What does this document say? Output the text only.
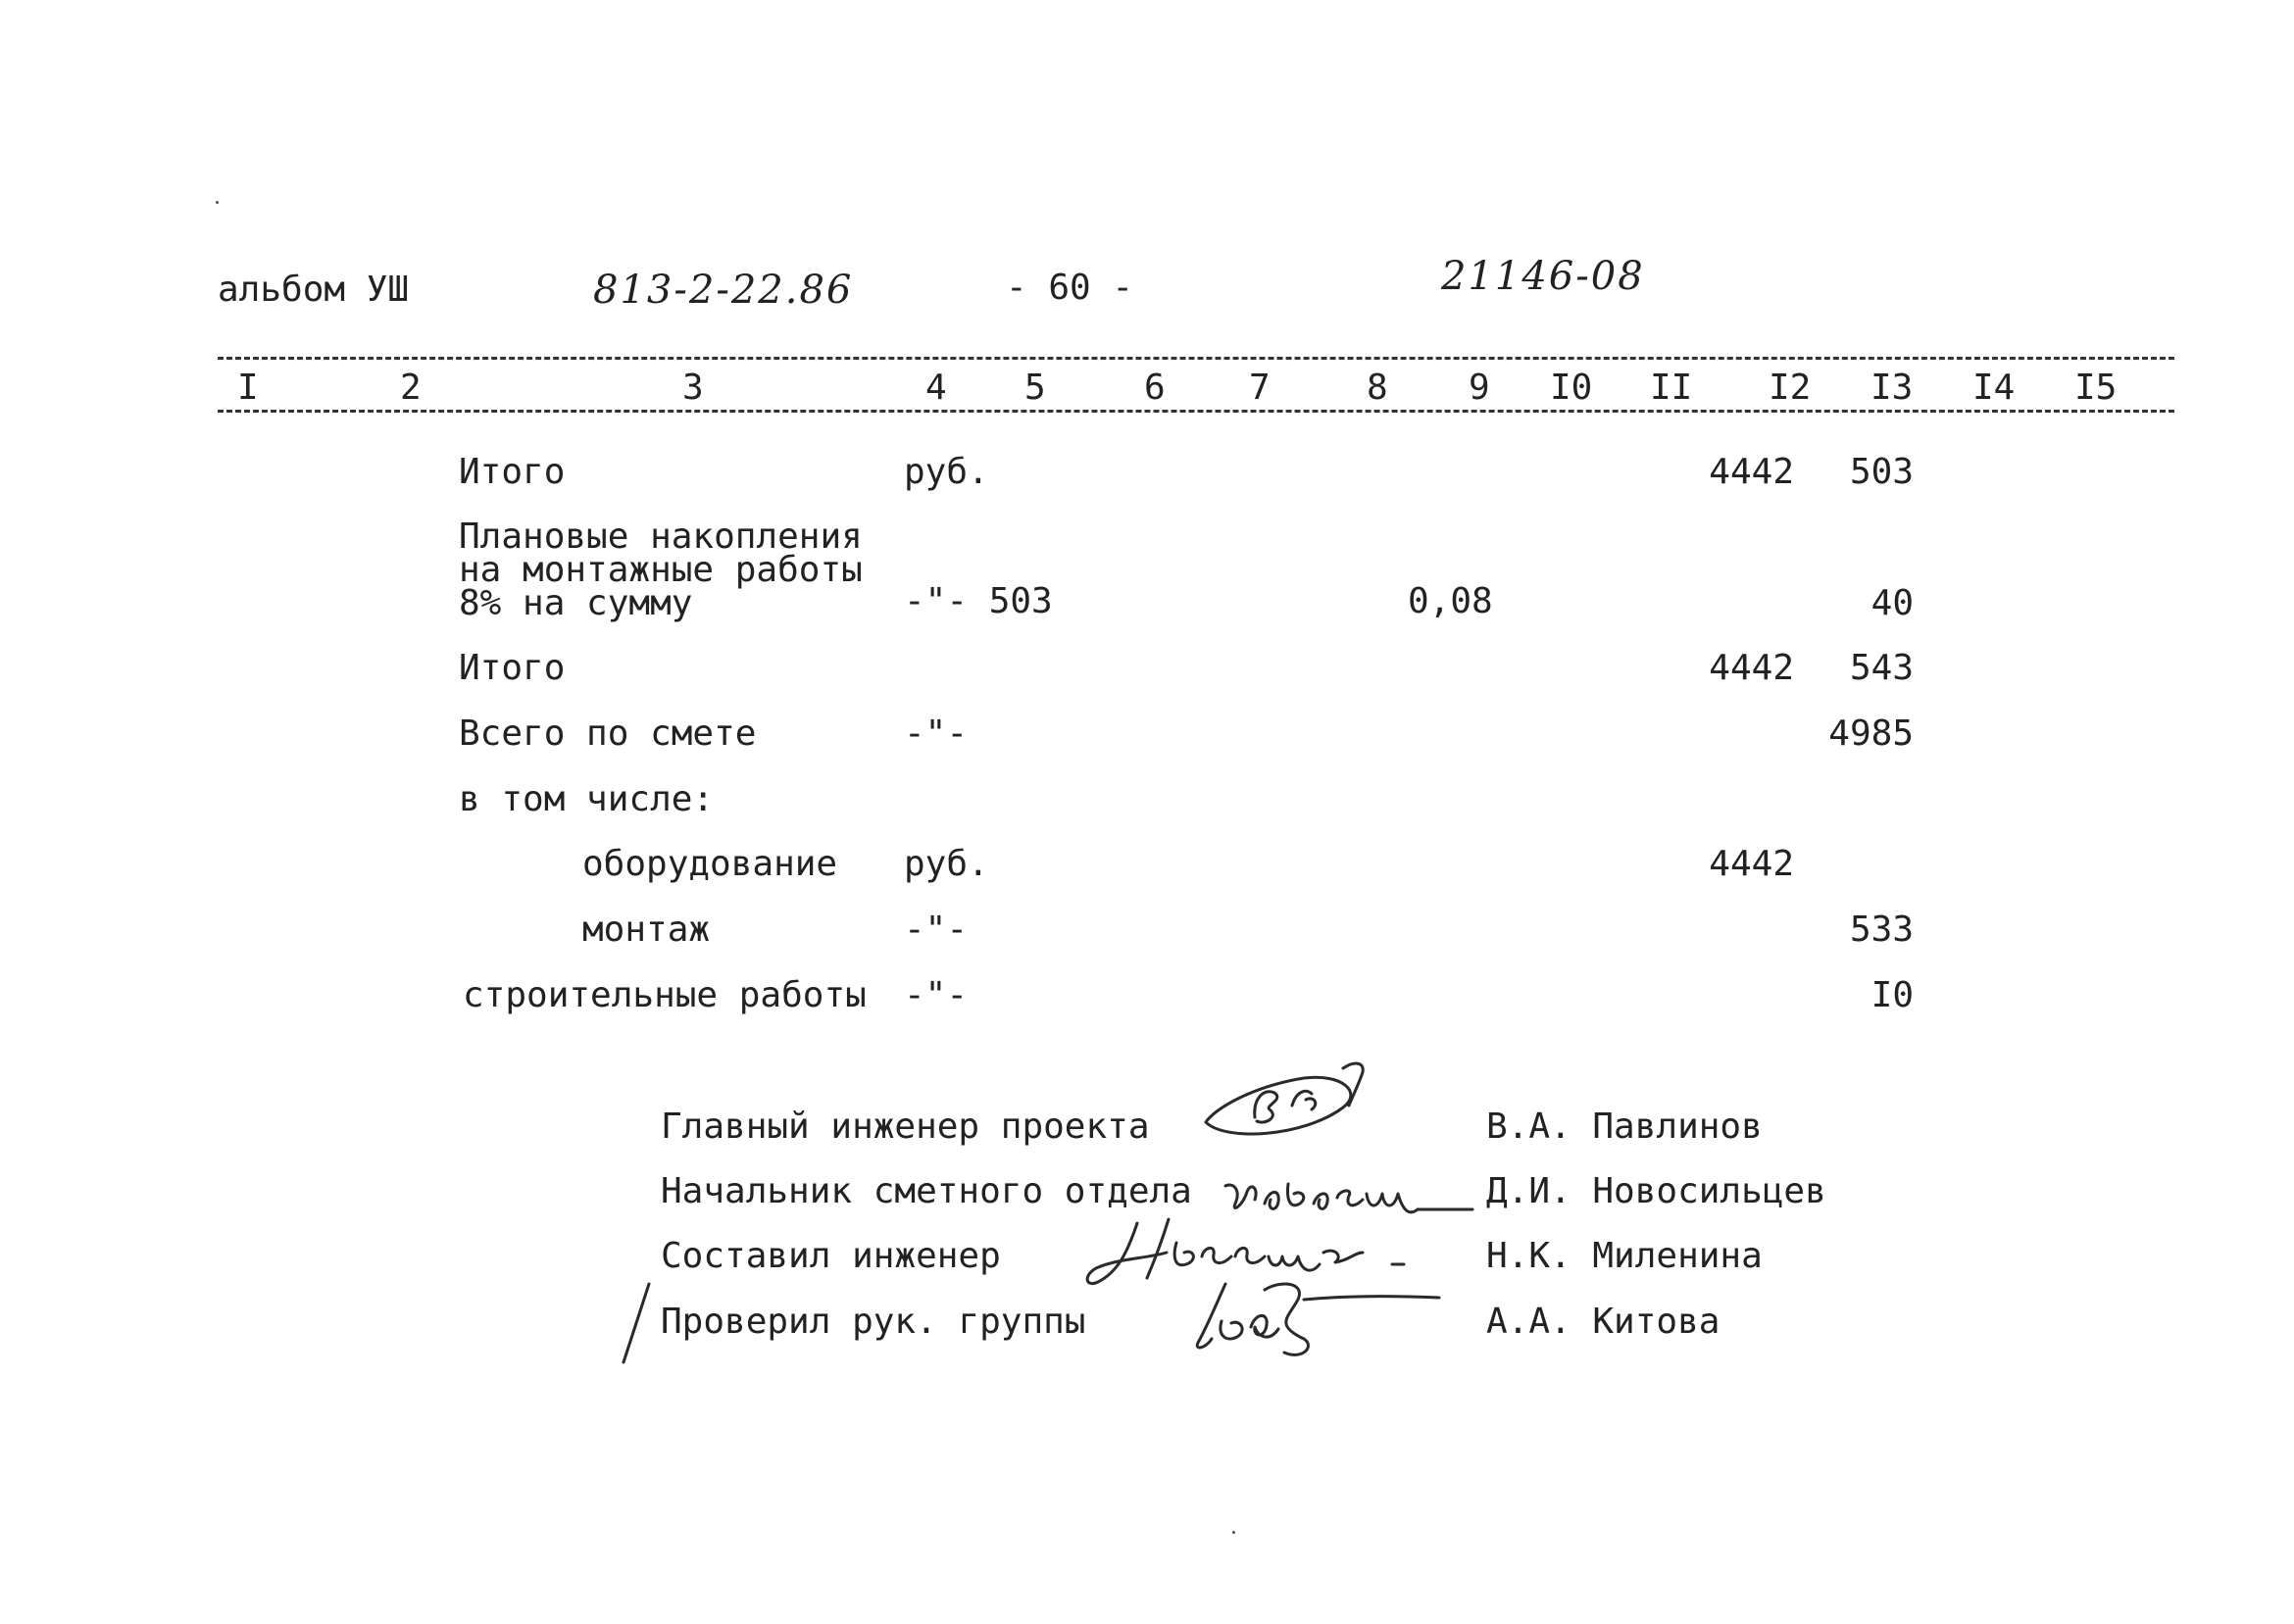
альбом УШ	813-2-22.86	- 60 -	21146-08
I	2	3	4 5	6 7	8 9 I0 II I2 I3 I4 I5
Итого	руб.	4442 503
Плановые накопления
на монтажные работы
8% на сумму	-"- 503	0,08	40
Итого	4442 543
Всего по смете	-"-	4985
в том числе:
оборудование руб.	4442
монтаж	-"-	533
строительные работы -"-	I0
Главный инженер проекта	В.А. Павлинов
Начальник сметного отдела	Д.И. Новосильцев
Составил инженер	Н.К. Миленина
Проверил рук. группы	А.А. Китова
